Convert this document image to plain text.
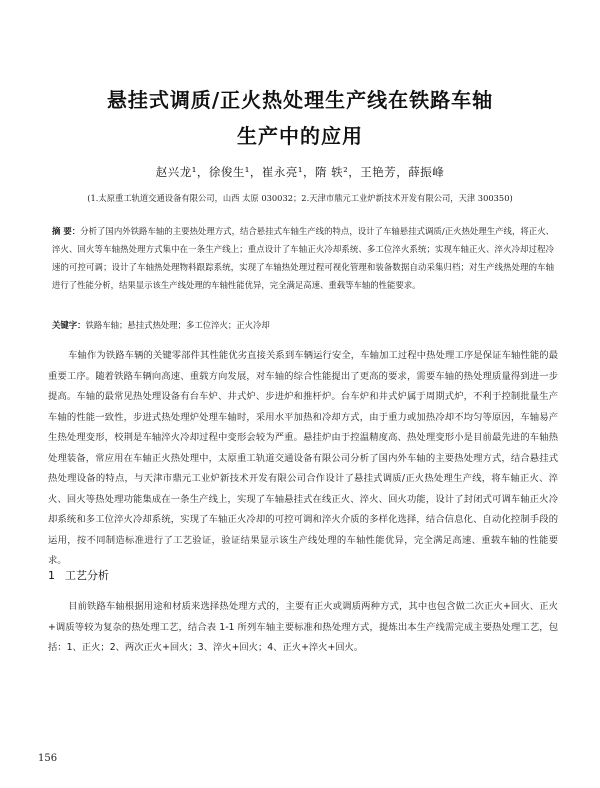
悬挂式调质/正火热处理生产线在铁路车轴
生产中的应用
赵兴龙¹，徐俊生¹，崔永亮¹，隋 轶²，王艳芳，薛振峰
(1.太原重工轨道交通设备有限公司，山西 太原 030032；2.天津市鼎元工业炉新技术开发有限公司，天津 300350)
摘 要：分析了国内外铁路车轴的主要热处理方式，结合悬挂式车轴生产线的特点，设计了车轴悬挂式调质/正火热处理生产线，将正火、淬火、回火等车轴热处理方式集中在一条生产线上；重点设计了车轴正火冷却系统、多工位淬火系统；实现车轴正火、淬火冷却过程冷速的可控可调；设计了车轴热处理物料跟踪系统，实现了车轴热处理过程可视化管理和装备数据自动采集归档；对生产线热处理的车轴进行了性能分析，结果显示该生产线处理的车轴性能优异，完全满足高速、重载等车轴的性能要求。
关键字：铁路车轴；悬挂式热处理；多工位淬火；正火冷却
车轴作为铁路车辆的关键零部件其性能优劣直接关系到车辆运行安全，车轴加工过程中热处理工序是保证车轴性能的最重要工序。随着铁路车辆向高速、重载方向发展，对车轴的综合性能提出了更高的要求，需要车轴的热处理质量得到进一步提高。车轴的最常见热处理设备有台车炉、井式炉、步进炉和推杆炉。台车炉和井式炉属于周期式炉，不利于控制批量生产车轴的性能一致性，步进式热处理炉处理车轴时，采用水平加热和冷却方式，由于重力或加热冷却不均匀等原因，车轴易产生热处理变形，校荆是车轴淬火冷却过程中变形会较为严重。悬挂炉由于控温精度高、热处理变形小是目前最先进的车轴热处理装备，常应用在车轴正火热处理中，太原重工轨道交通设备有限公司分析了国内外车轴的主要热处理方式，结合悬挂式热处理设备的特点，与天津市鼎元工业炉新技术开发有限公司合作设计了悬挂式调质/正火热处理生产线，将车轴正火、淬火、回火等热处理功能集成在一条生产线上，实现了车轴悬挂式在线正火、淬火、回火功能，设计了封闭式可调车轴正火冷却系统和多工位淬火冷却系统，实现了车轴正火冷却的可控可调和淬火介质的多样化选择，结合信息化、自动化控制手段的运用，按不同制造标准进行了工艺验证，验证结果显示该生产线处理的车轴性能优异，完全满足高速、重载车轴的性能要求。
1 工艺分析
目前铁路车轴根据用途和材质来选择热处理方式的，主要有正火或调质两种方式，其中也包含做二次正火+回火、正火+调质等较为复杂的热处理工艺，结合表 1-1 所列车轴主要标准和热处理方式，提炼出本生产线需完成主要热处理工艺，包括：1、正火；2、两次正火+回火；3、淬火+回火；4、正火+淬火+回火。
156
